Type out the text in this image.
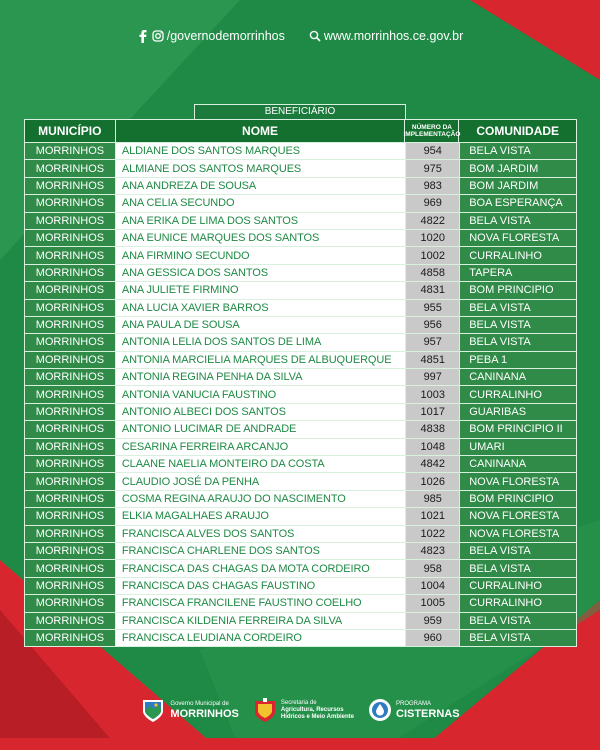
/governodemorrinhos	www.morrinhos.ce.gov.br
BENEFICIÁRIO
MUNICÍPIO	NOME	NÚMERO DA IMPLEMENTAÇÃO	COMUNIDADE
MORRINHOS	ALDIANE DOS SANTOS MARQUES	954	BELA VISTA
MORRINHOS	ALMIANE DOS SANTOS MARQUES	975	BOM JARDIM
MORRINHOS	ANA ANDREZA DE SOUSA	983	BOM JARDIM
MORRINHOS	ANA CELIA SECUNDO	969	BOA ESPERANÇA
MORRINHOS	ANA ERIKA DE LIMA DOS SANTOS	4822	BELA VISTA
MORRINHOS	ANA EUNICE MARQUES DOS SANTOS	1020	NOVA FLORESTA
MORRINHOS	ANA FIRMINO SECUNDO	1002	CURRALINHO
MORRINHOS	ANA GESSICA DOS SANTOS	4858	TAPERA
MORRINHOS	ANA JULIETE FIRMINO	4831	BOM PRINCIPIO
MORRINHOS	ANA LUCIA XAVIER BARROS	955	BELA VISTA
MORRINHOS	ANA PAULA DE SOUSA	956	BELA VISTA
MORRINHOS	ANTONIA LELIA DOS SANTOS DE LIMA	957	BELA VISTA
MORRINHOS	ANTONIA MARCIELIA MARQUES DE ALBUQUERQUE	4851	PEBA 1
MORRINHOS	ANTONIA REGINA PENHA DA SILVA	997	CANINANA
MORRINHOS	ANTONIA VANUCIA FAUSTINO	1003	CURRALINHO
MORRINHOS	ANTONIO ALBECI DOS SANTOS	1017	GUARIBAS
MORRINHOS	ANTONIO LUCIMAR DE ANDRADE	4838	BOM PRINCIPIO II
MORRINHOS	CESARINA FERREIRA ARCANJO	1048	UMARI
MORRINHOS	CLAANE NAELIA MONTEIRO DA COSTA	4842	CANINANA
MORRINHOS	CLAUDIO JOSÉ DA PENHA	1026	NOVA FLORESTA
MORRINHOS	COSMA REGINA ARAUJO DO NASCIMENTO	985	BOM PRINCIPIO
MORRINHOS	ELKIA MAGALHAES ARAUJO	1021	NOVA FLORESTA
MORRINHOS	FRANCISCA ALVES DOS SANTOS	1022	NOVA FLORESTA
MORRINHOS	FRANCISCA CHARLENE DOS SANTOS	4823	BELA VISTA
MORRINHOS	FRANCISCA DAS CHAGAS DA MOTA CORDEIRO	958	BELA VISTA
MORRINHOS	FRANCISCA DAS CHAGAS FAUSTINO	1004	CURRALINHO
MORRINHOS	FRANCISCA FRANCILENE FAUSTINO COELHO	1005	CURRALINHO
MORRINHOS	FRANCISCA KILDENIA FERREIRA DA SILVA	959	BELA VISTA
MORRINHOS	FRANCISCA LEUDIANA CORDEIRO	960	BELA VISTA
Governo Municipal de
MORRINHOS
Secretaria de
Agricultura, Recursos
Hídricos e Meio Ambiente
PROGRAMA
CISTERNAS
